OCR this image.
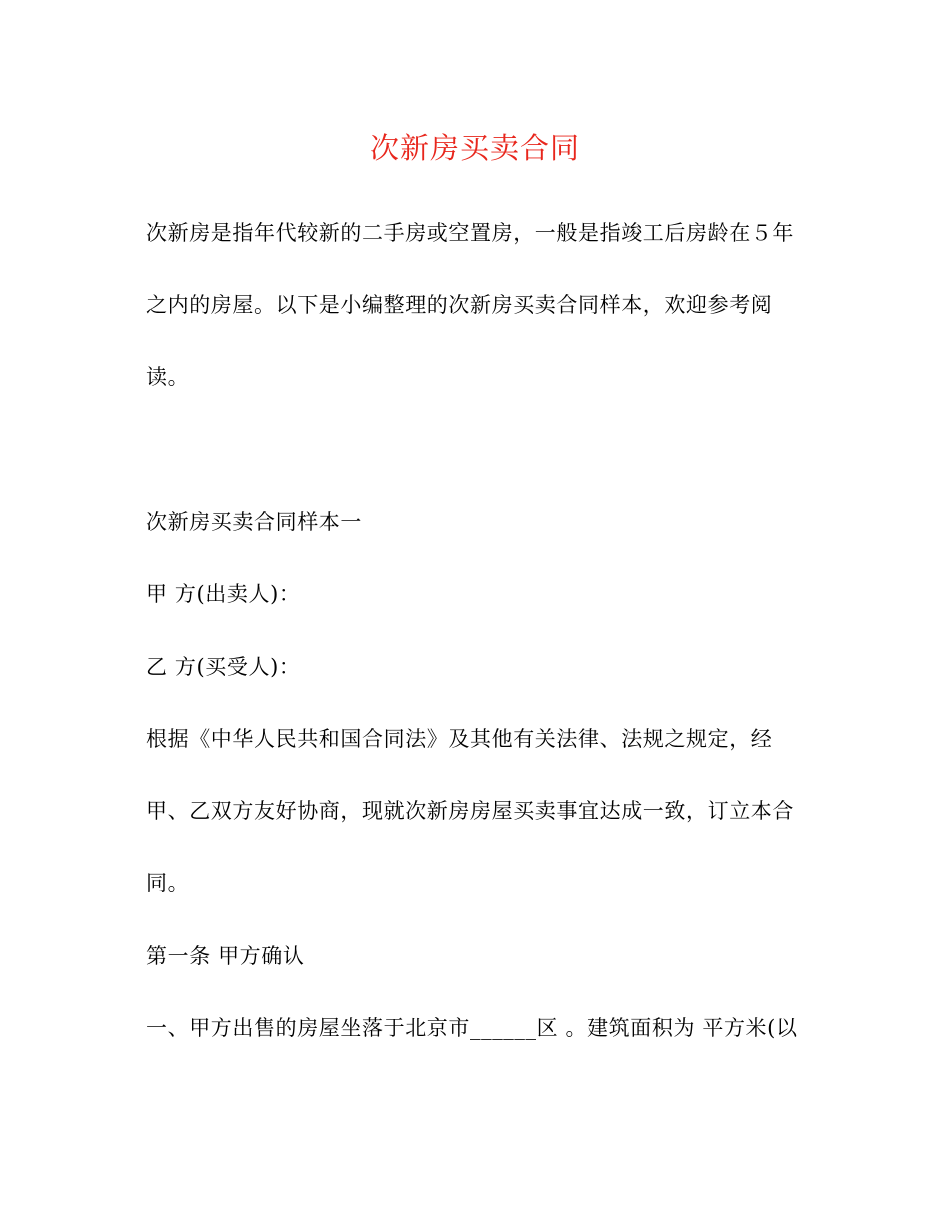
次新房买卖合同
次新房是指年代较新的二手房或空置房，一般是指竣工后房龄在５年
之内的房屋。以下是小编整理的次新房买卖合同样本，欢迎参考阅
读。
次新房买卖合同样本一
甲 方(出卖人)：
乙 方(买受人)：
根据《中华人民共和国合同法》及其他有关法律、法规之规定，经
甲、乙双方友好协商，现就次新房房屋买卖事宜达成一致，订立本合
同。
第一条 甲方确认
一、甲方出售的房屋坐落于北京市______区 。建筑面积为 平方米(以
